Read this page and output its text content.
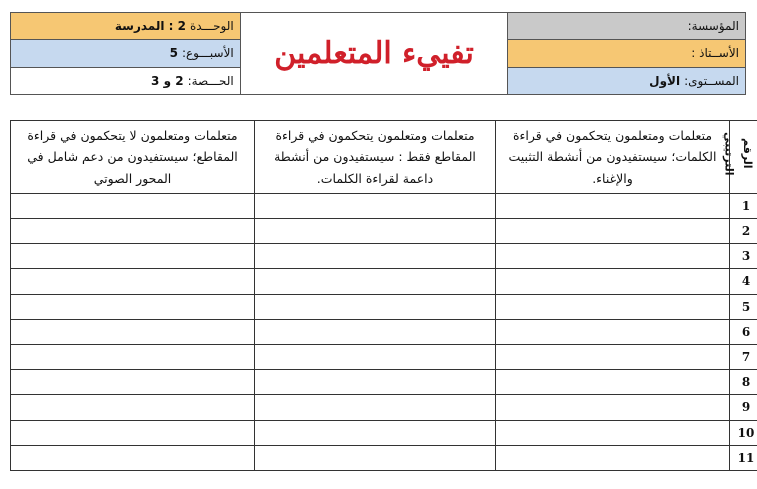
الوحـــدة
2 : المدرسة
الأسبـــوع:
5
الحـــصة:
2 و 3
تفييء المتعلمين
المؤسسة:
الأســتاذ :
المســتوى:
الأول
الرقم الترتيبي	متعلمات ومتعلمون يتحكمون في قراءة الكلمات؛ سيستفيدون من أنشطة التثبيت والإغناء.	متعلمات ومتعلمون يتحكمون في قراءة المقاطع فقط : سيستفيدون من أنشطة داعمة لقراءة الكلمات.	متعلمات ومتعلمون لا يتحكمون في قراءة المقاطع؛ سيستفيدون من دعم شامل في المحور الصوتي
1			
2			
3			
4			
5			
6			
7			
8			
9			
10			
11			
